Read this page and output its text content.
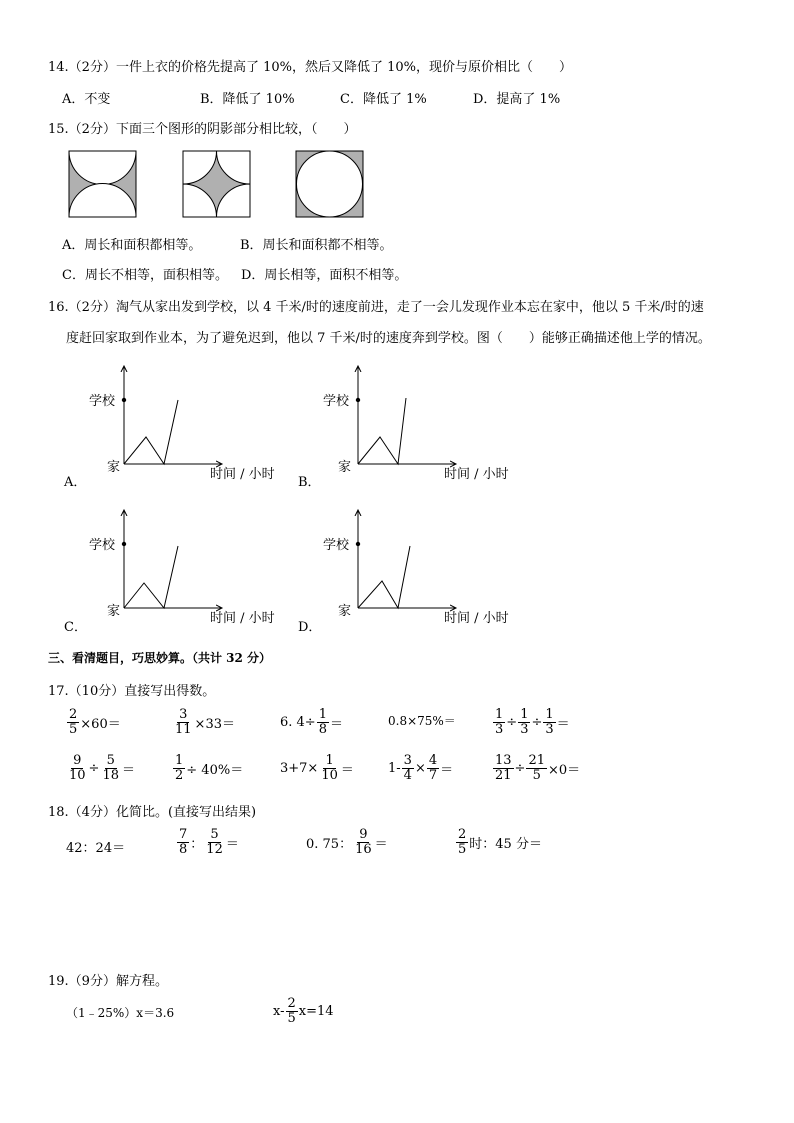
14.（2分）一件上衣的价格先提高了 10%，然后又降低了 10%，现价与原价相比（　　）
A．不变	B．降低了 10%	C．降低了 1%	D．提高了 1%
15.（2分）下面三个图形的阴影部分相比较，（　　）
A．周长和面积都相等。	B．周长和面积都不相等。
C．周长不相等，面积相等。 D．周长相等，面积不相等。
16.（2分）淘气从家出发到学校，以 4 千米/时的速度前进，走了一会儿发现作业本忘在家中，他以 5 千米/时的速
度赶回家取到作业本，为了避免迟到，他以 7 千米/时的速度奔到学校。图（　　）能够正确描述他上学的情况。
学校
家	时间 / 小时
A．
学校
家	时间 / 小时
B．
学校
家	时间 / 小时
C．
学校
家	时间 / 小时
D．
三、看清题目，巧思妙算。（共计 32 分）
17.（10分）直接写出得数。
$\frac{2}{5} \times 60=$	$\frac{3}{11} \times 33=$	6. $4\div \frac{1}{8}$ ＝	0.8×75%＝	$\frac{1}{3} \div \frac{1}{3} \div \frac{1}{3}$ ＝
$\frac{9}{10} \div \frac{5}{18}$ ＝	$\frac{1}{2} \div 40\%=$	$3+7\times \frac{1}{10}$ ＝	$1- \frac{3}{4} \times \frac{4}{7}$ ＝	$\frac{13}{21} \div \frac{21}{5} \times 0=$
18.（4分）化简比。(直接写出结果)
42：24＝	$\frac{7}{8}$ ： $\frac{5}{12}$ ＝	0. 75： $\frac{9}{16}$ ＝	$\frac{2}{5}$ 时：45 分＝
19.（9分）解方程。
（1﹣25%）x＝3.6	$x- \frac{2}{5} x=14$
